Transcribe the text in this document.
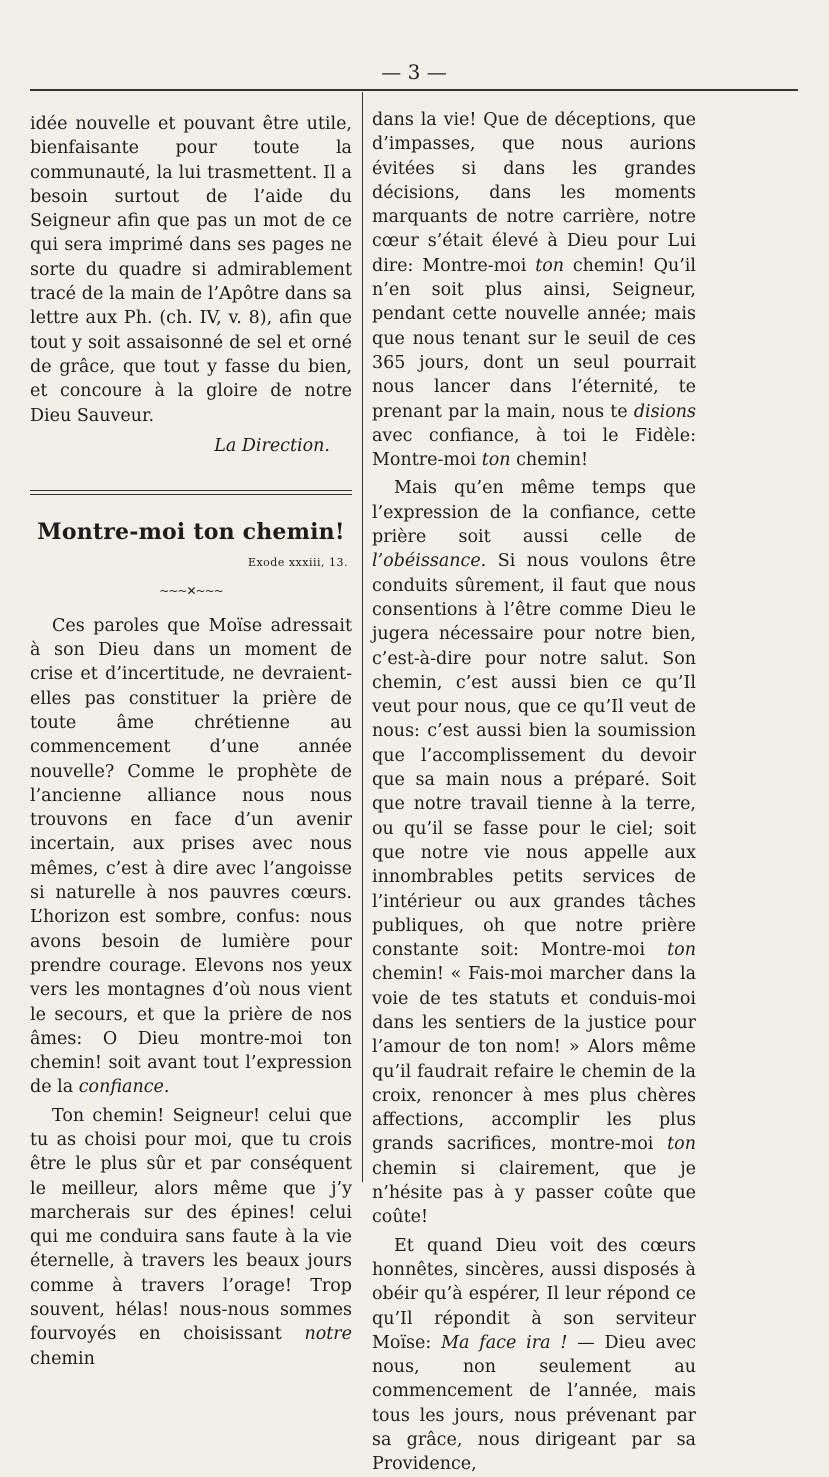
— 3 —

idée nouvelle et pouvant être utile, bienfaisante pour toute la communauté, la lui trasmettent. Il a besoin surtout de l’aide du Seigneur afin que pas un mot de ce qui sera imprimé dans ses pages ne sorte du quadre si admirablement tracé de la main de l’Apôtre dans sa lettre aux Ph. (ch. IV, v. 8), afin que tout y soit assaisonné de sel et orné de grâce, que tout y fasse du bien, et concoure à la gloire de notre Dieu Sauveur.

La Direction.

Montre-moi ton chemin!

Exode xxxiii, 13.

~~~✕~~~

Ces paroles que Moïse adressait à son Dieu dans un moment de crise et d’incertitude, ne devraient-elles pas constituer la prière de toute âme chrétienne au commencement d’une année nouvelle? Comme le prophète de l’ancienne alliance nous nous trouvons en face d’un avenir incertain, aux prises avec nous mêmes, c’est à dire avec l’angoisse si naturelle à nos pauvres cœurs. L’horizon est sombre, confus: nous avons besoin de lumière pour prendre courage. Elevons nos yeux vers les montagnes d’où nous vient le secours, et que la prière de nos âmes: O Dieu montre-moi ton chemin! soit avant tout l’expression de la confiance.

Ton chemin! Seigneur! celui que tu as choisi pour moi, que tu crois être le plus sûr et par conséquent le meilleur, alors même que j’y marcherais sur des épines! celui qui me conduira sans faute à la vie éternelle, à travers les beaux jours comme à travers l’orage! Trop souvent, hélas! nous-nous sommes fourvoyés en choisissant notre chemin

dans la vie! Que de déceptions, que d’impasses, que nous aurions évitées si dans les grandes décisions, dans les moments marquants de notre carrière, notre cœur s’était élevé à Dieu pour Lui dire: Montre-moi ton chemin! Qu’il n’en soit plus ainsi, Seigneur, pendant cette nouvelle année; mais que nous tenant sur le seuil de ces 365 jours, dont un seul pourrait nous lancer dans l’éternité, te prenant par la main, nous te disions avec confiance, à toi le Fidèle: Montre-moi ton chemin!

Mais qu’en même temps que l’expression de la confiance, cette prière soit aussi celle de l’obéissance. Si nous voulons être conduits sûrement, il faut que nous consentions à l’être comme Dieu le jugera nécessaire pour notre bien, c’est-à-dire pour notre salut. Son chemin, c’est aussi bien ce qu’Il veut pour nous, que ce qu’Il veut de nous: c’est aussi bien la soumission que l’accomplissement du devoir que sa main nous a préparé. Soit que notre travail tienne à la terre, ou qu’il se fasse pour le ciel; soit que notre vie nous appelle aux innombrables petits services de l’intérieur ou aux grandes tâches publiques, oh que notre prière constante soit: Montre-moi ton chemin! « Fais-moi marcher dans la voie de tes statuts et conduis-moi dans les sentiers de la justice pour l’amour de ton nom! » Alors même qu’il faudrait refaire le chemin de la croix, renoncer à mes plus chères affections, accomplir les plus grands sacrifices, montre-moi ton chemin si clairement, que je n’hésite pas à y passer coûte que coûte!

Et quand Dieu voit des cœurs honnêtes, sincères, aussi disposés à obéir qu’à espérer, Il leur répond ce qu’Il répondit à son serviteur Moïse: Ma face ira ! — Dieu avec nous, non seulement au commencement de l’année, mais tous les jours, nous prévenant par sa grâce, nous dirigeant par sa Providence,
